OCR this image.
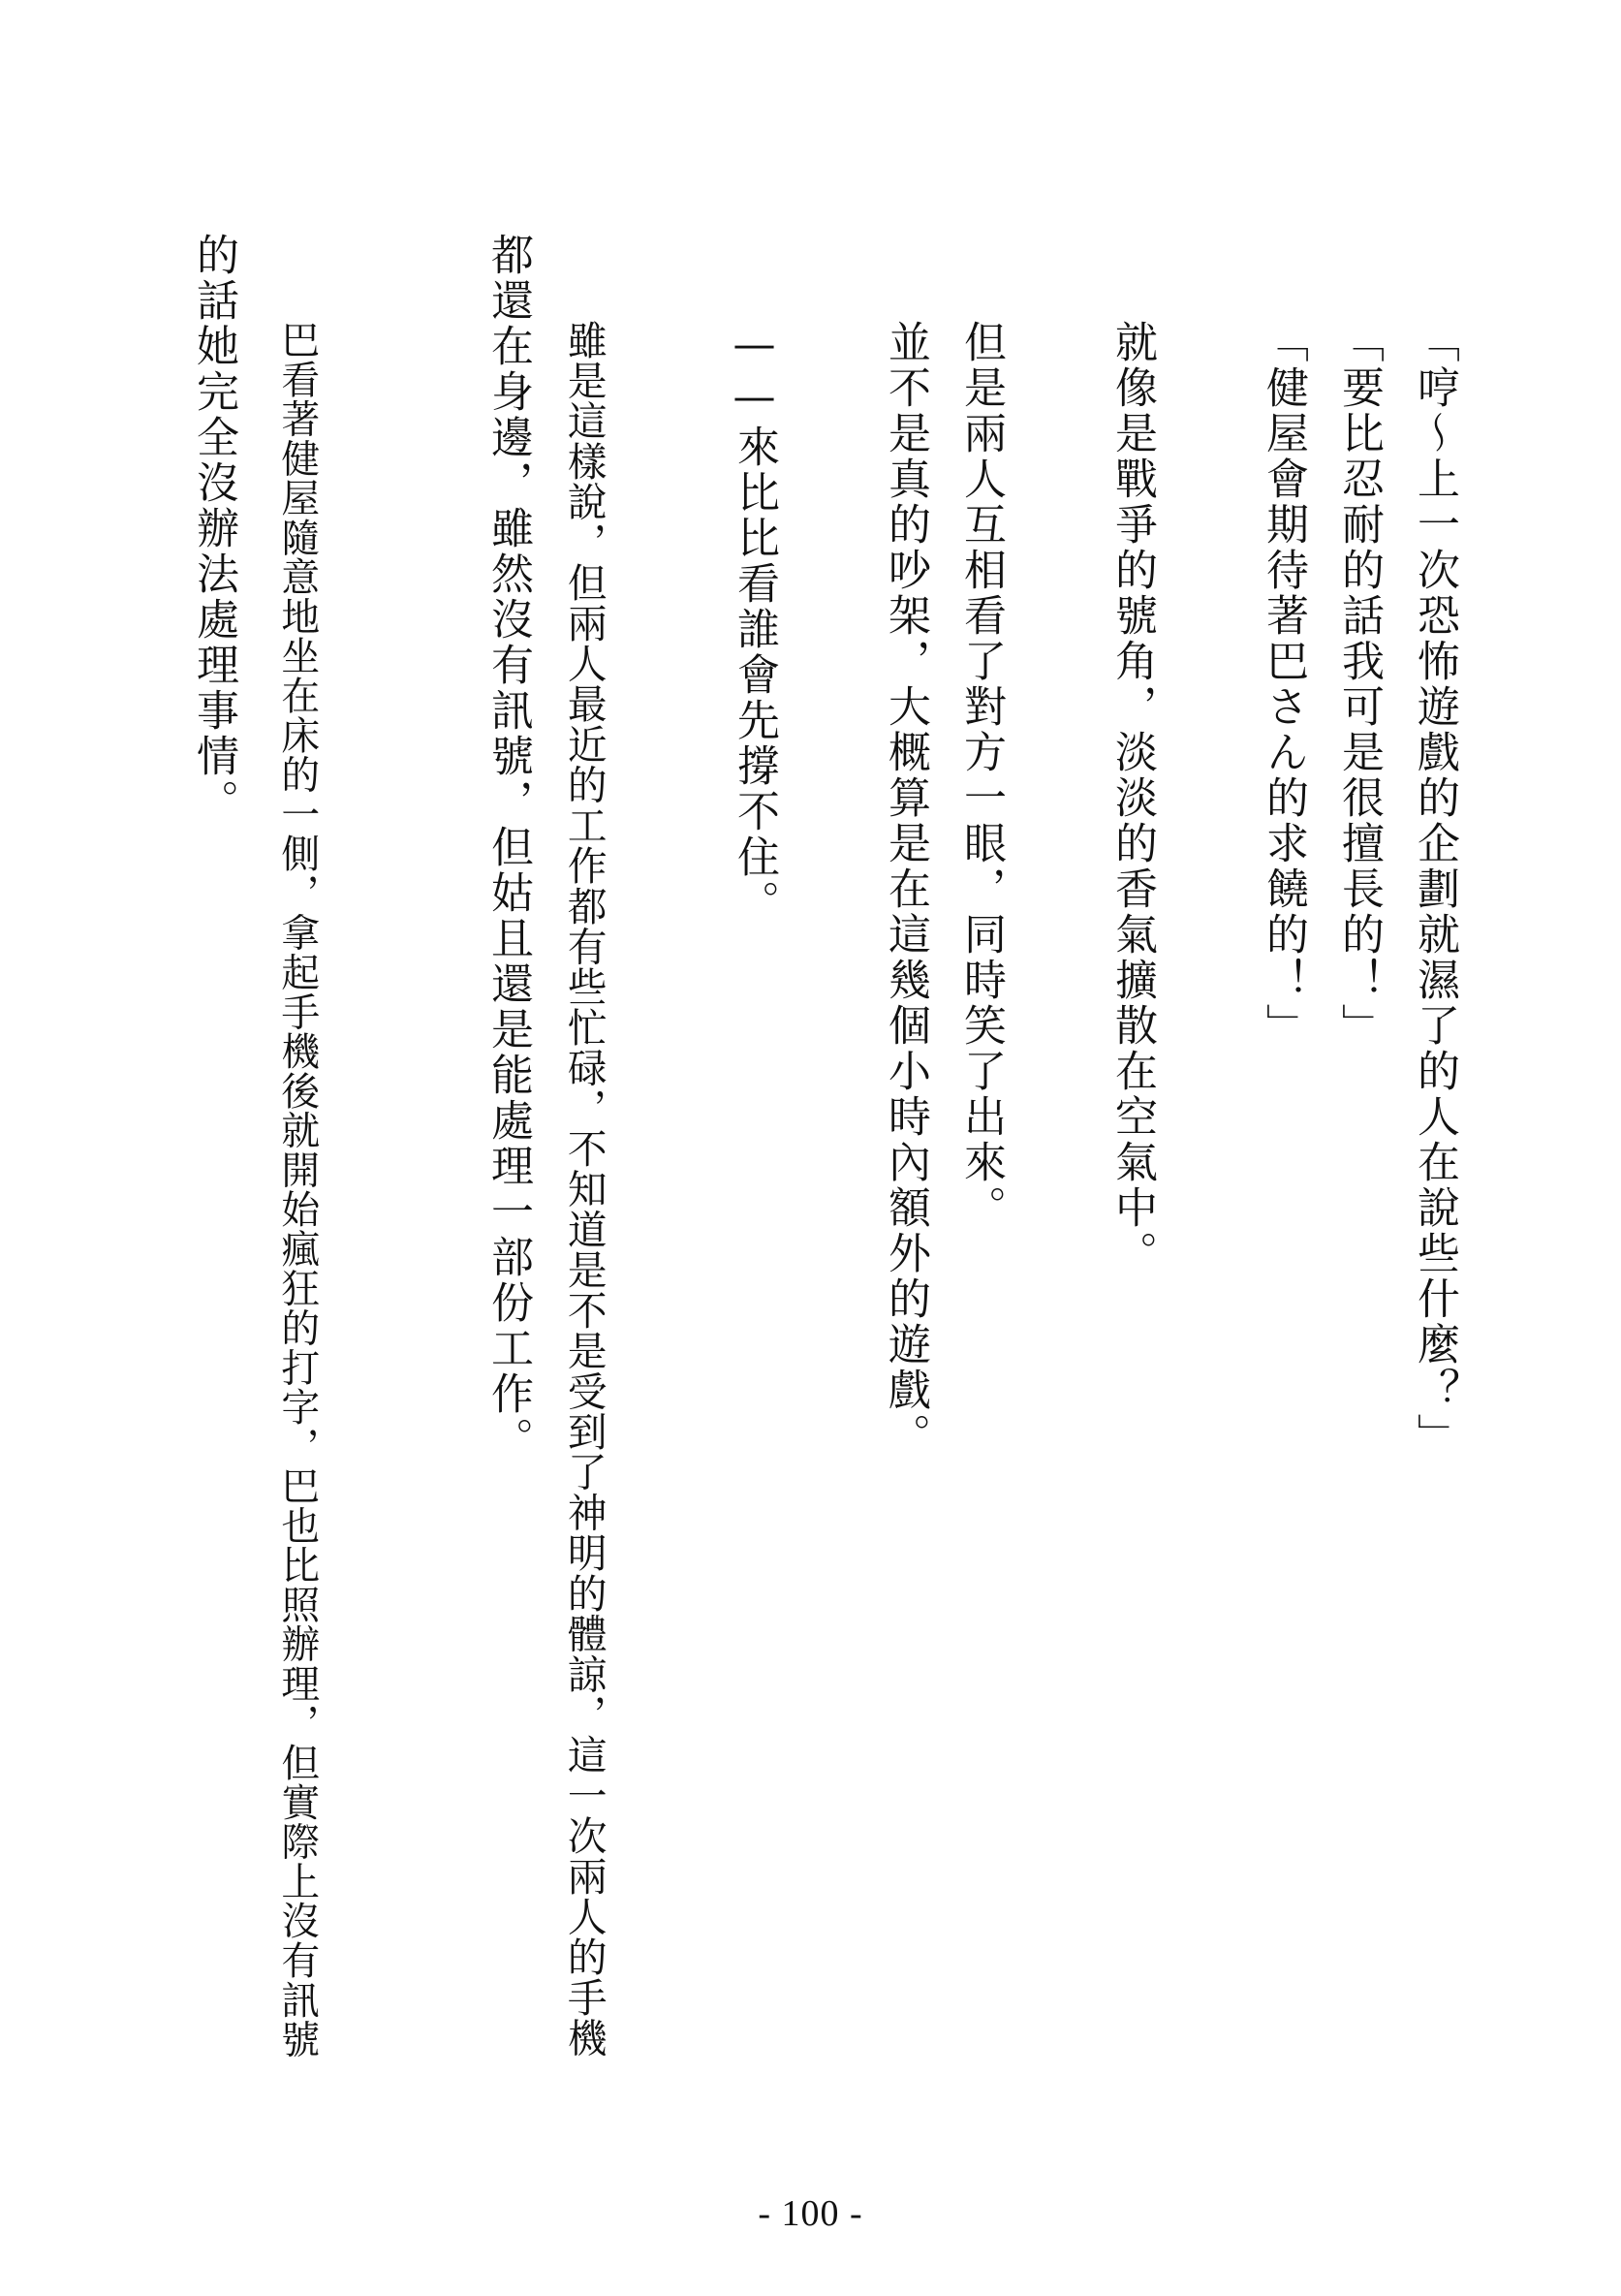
「哼～上一次恐怖遊戲的企劃就濕了的人在說些什麼？」

「要比忍耐的話我可是很擅長的！」

「健屋會期待著巴さん的求饒的！」

就像是戰爭的號角，淡淡的香氣擴散在空氣中。

但是兩人互相看了對方一眼，同時笑了出來。

並不是真的吵架，大概算是在這幾個小時內額外的遊戲。

——來比比看誰會先撐不住。

雖是這樣說，但兩人最近的工作都有些忙碌，不知道是不是受到了神明的體諒，這一次兩人的手機

都還在身邊，雖然沒有訊號，但姑且還是能處理一部份工作。

巴看著健屋隨意地坐在床的一側，拿起手機後就開始瘋狂的打字，巴也比照辦理，但實際上沒有訊號

的話她完全沒辦法處理事情。

- 100 -
